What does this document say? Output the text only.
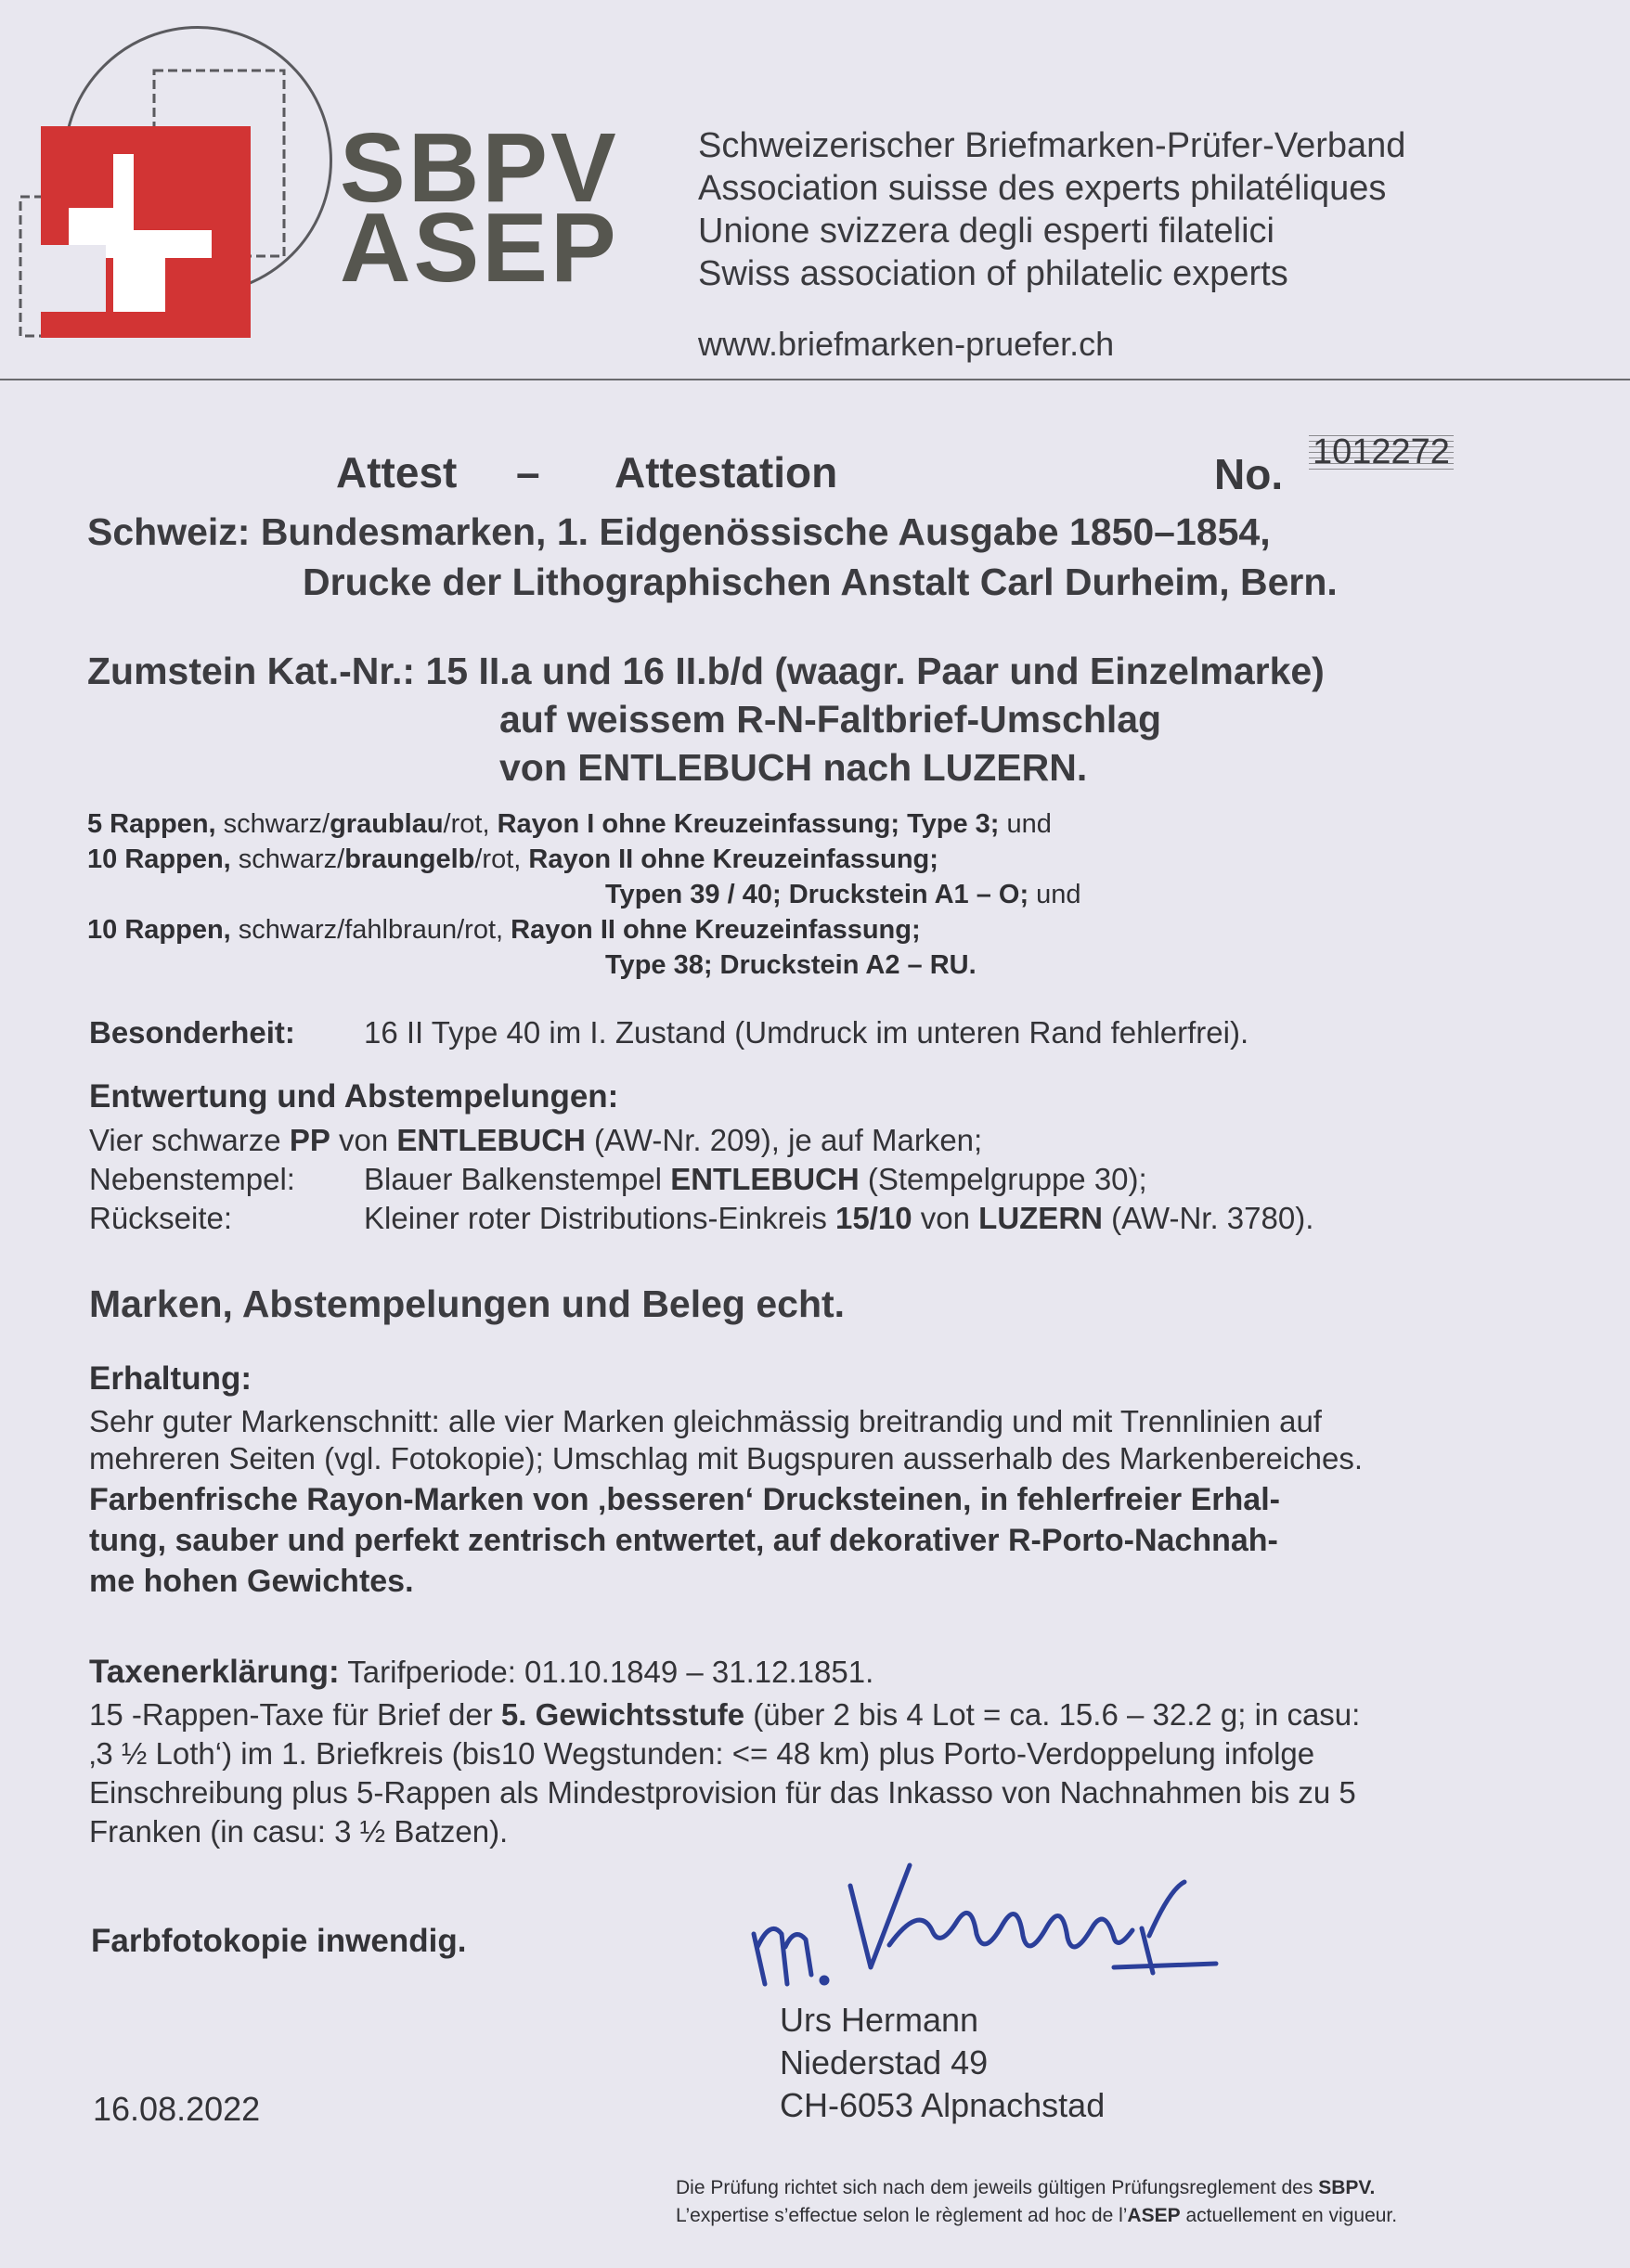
SBPV
ASEP
Schweizerischer Briefmarken-Prüfer-Verband
Association suisse des experts philatéliques
Unione svizzera degli esperti filatelici
Swiss association of philatelic experts
www.briefmarken-pruefer.ch
Attest – Attestation	No. 1012272
Schweiz: Bundesmarken, 1. Eidgenössische Ausgabe 1850–1854,
Drucke der Lithographischen Anstalt Carl Durheim, Bern.
Zumstein Kat.-Nr.: 15 II.a und 16 II.b/d (waagr. Paar und Einzelmarke)
auf weissem R-N-Faltbrief-Umschlag
von ENTLEBUCH nach LUZERN.
5 Rappen, schwarz/graublau/rot, Rayon I ohne Kreuzeinfassung; Type 3; und
10 Rappen, schwarz/braungelb/rot, Rayon II ohne Kreuzeinfassung;
Typen 39 / 40; Druckstein A1 – O; und
10 Rappen, schwarz/fahlbraun/rot, Rayon II ohne Kreuzeinfassung;
Type 38; Druckstein A2 – RU.
Besonderheit: 16 II Type 40 im I. Zustand (Umdruck im unteren Rand fehlerfrei).
Entwertung und Abstempelungen:
Vier schwarze PP von ENTLEBUCH (AW-Nr. 209), je auf Marken;
Nebenstempel: Blauer Balkenstempel ENTLEBUCH (Stempelgruppe 30);
Rückseite:	Kleiner roter Distributions-Einkreis 15/10 von LUZERN (AW-Nr. 3780).
Marken, Abstempelungen und Beleg echt.
Erhaltung:
Sehr guter Markenschnitt: alle vier Marken gleichmässig breitrandig und mit Trennlinien auf
mehreren Seiten (vgl. Fotokopie); Umschlag mit Bugspuren ausserhalb des Markenbereiches.
Farbenfrische Rayon-Marken von ‚besseren‘ Drucksteinen, in fehlerfreier Erhal-
tung, sauber und perfekt zentrisch entwertet, auf dekorativer R-Porto-Nachnah-
me hohen Gewichtes.
Taxenerklärung: Tarifperiode: 01.10.1849 – 31.12.1851.
15 -Rappen-Taxe für Brief der 5. Gewichtsstufe (über 2 bis 4 Lot = ca. 15.6 – 32.2 g; in casu:
‚3 ½ Loth‘) im 1. Briefkreis (bis10 Wegstunden: <= 48 km) plus Porto-Verdoppelung infolge
Einschreibung plus 5-Rappen als Mindestprovision für das Inkasso von Nachnahmen bis zu 5
Franken (in casu: 3 ½ Batzen).
Farbfotokopie inwendig.
Urs Hermann
Niederstad 49
CH-6053 Alpnachstad
16.08.2022
Die Prüfung richtet sich nach dem jeweils gültigen Prüfungsreglement des SBPV.
L’expertise s’effectue selon le règlement ad hoc de l’ASEP actuellement en vigueur.
